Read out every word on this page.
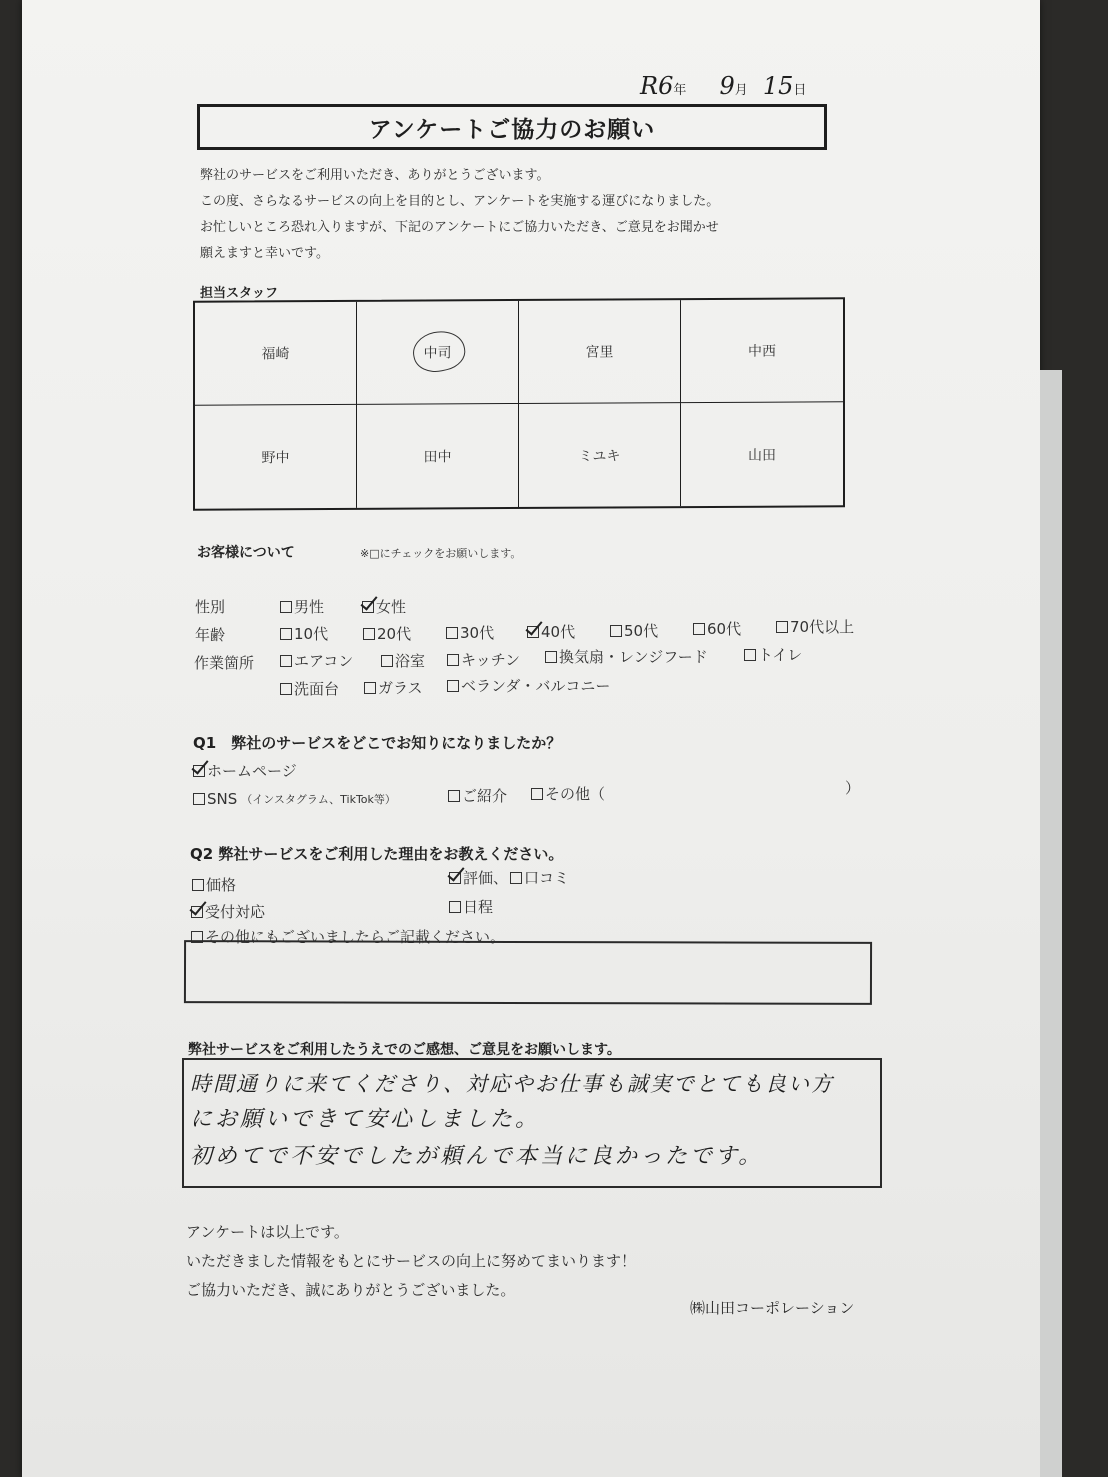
R6年 9月 15日
アンケートご協力のお願い
弊社のサービスをご利用いただき、ありがとうございます。
この度、さらなるサービスの向上を目的とし、アンケートを実施する運びになりました。
お忙しいところ恐れ入りますが、下記のアンケートにご協力いただき、ご意見をお聞かせ
願えますと幸いです。
担当スタッフ
福崎	中司	宮里	中西
野中	田中	ミユキ	山田
お客様について	※□にチェックをお願いします。
性別	男性	女性
年齢	10代	20代	30代	40代	50代	60代	70代以上
作業箇所	エアコン	浴室 キッチン	換気扇・レンジフード	トイレ
洗面台	ガラス	ベランダ・バルコニー
Q1　弊社のサービスをどこでお知りになりましたか？
ホームページ
SNS （インスタグラム、TikTok等）	ご紹介	その他（	）
Q2 弊社サービスをご利用した理由をお教えください。
価格	評価、 口コミ
受付対応	日程
その他にもございましたらご記載ください。
弊社サービスをご利用したうえでのご感想、ご意見をお願いします。
時間通りに来てくださり、対応やお仕事も誠実でとても良い方
にお願いできて安心しました。
初めてで不安でしたが頼んで本当に良かったです。
アンケートは以上です。
いただきました情報をもとにサービスの向上に努めてまいります！
ご協力いただき、誠にありがとうございました。
㈱山田コーポレーション
